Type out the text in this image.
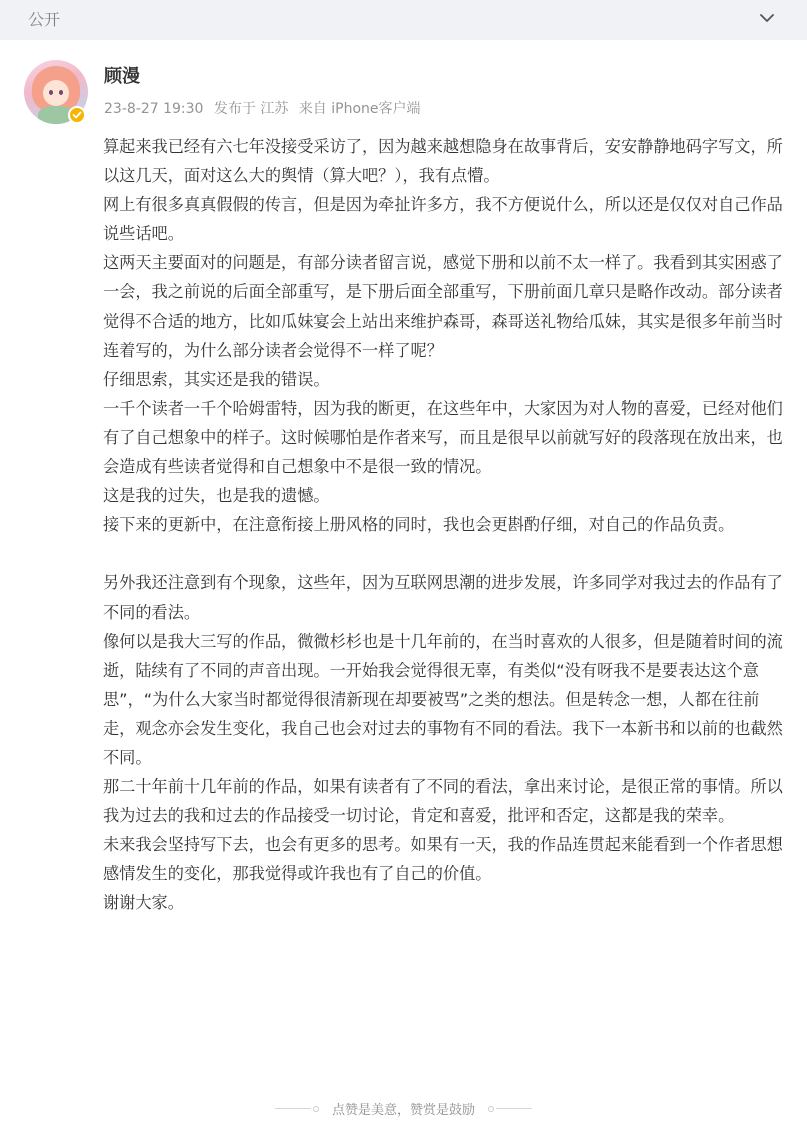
公开
顾漫
23-8-27 19:30 发布于 江苏 来自 iPhone客户端

算起来我已经有六七年没接受采访了，因为越来越想隐身在故事背后，安安静静地码字写文，所以这几天，面对这么大的舆情（算大吧？），我有点懵。

网上有很多真真假假的传言，但是因为牵扯许多方，我不方便说什么，所以还是仅仅对自己作品说些话吧。

这两天主要面对的问题是，有部分读者留言说，感觉下册和以前不太一样了。我看到其实困惑了一会，我之前说的后面全部重写，是下册后面全部重写，下册前面几章只是略作改动。部分读者觉得不合适的地方，比如瓜妹宴会上站出来维护森哥，森哥送礼物给瓜妹，其实是很多年前当时连着写的，为什么部分读者会觉得不一样了呢？

仔细思索，其实还是我的错误。

一千个读者一千个哈姆雷特，因为我的断更，在这些年中，大家因为对人物的喜爱，已经对他们有了自己想象中的样子。这时候哪怕是作者来写，而且是很早以前就写好的段落现在放出来，也会造成有些读者觉得和自己想象中不是很一致的情况。

这是我的过失，也是我的遗憾。

接下来的更新中，在注意衔接上册风格的同时，我也会更斟酌仔细，对自己的作品负责。

另外我还注意到有个现象，这些年，因为互联网思潮的进步发展，许多同学对我过去的作品有了不同的看法。

像何以是我大三写的作品，微微杉杉也是十几年前的，在当时喜欢的人很多，但是随着时间的流逝，陆续有了不同的声音出现。一开始我会觉得很无辜，有类似“没有呀我不是要表达这个意思”，“为什么大家当时都觉得很清新现在却要被骂”之类的想法。但是转念一想，人都在往前走，观念亦会发生变化，我自己也会对过去的事物有不同的看法。我下一本新书和以前的也截然不同。

那二十年前十几年前的作品，如果有读者有了不同的看法，拿出来讨论，是很正常的事情。所以我为过去的我和过去的作品接受一切讨论，肯定和喜爱，批评和否定，这都是我的荣幸。

未来我会坚持写下去，也会有更多的思考。如果有一天，我的作品连贯起来能看到一个作者思想感情发生的变化，那我觉得或许我也有了自己的价值。

谢谢大家。

点赞是美意，赞赏是鼓励
